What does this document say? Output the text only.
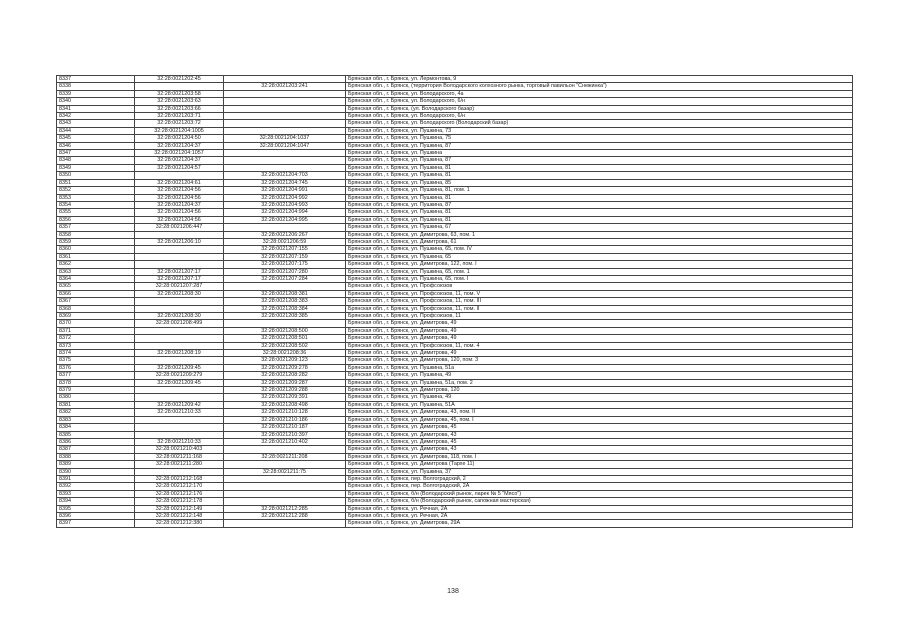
8337	32:28:0021202:45		Брянская обл., г. Брянск, ул. Лермонтова, 9
8338		32:28:0021203:241	Брянская обл., г. Брянск, (территория Володарского колхозного рынка, торговый павильон "Снежинка")
8339	32:28:0021203:58		Брянская обл., г. Брянск, ул. Володарского, 4а
8340	32:28:0021203:63		Брянская обл., г. Брянск, ул. Володарского, 6/н
8341	32:28:0021203:66		Брянская обл., г. Брянск, (ул. Володарского базар)
8342	32:28:0021203:71		Брянская обл., г. Брянск, ул. Володарского, 6/н
8343	32:28:0021203:72		Брянская обл., г. Брянск, ул. Володарского (Володарский базар)
8344	32:28:0021204:1005		Брянская обл., г. Брянск, ул. Пушкина, 73
8345	32:28:0021204:50	32:28:0021204:1037	Брянская обл., г. Брянск, ул. Пушкина, 75
8346	32:28:0021204:37	32:28:0021204:1047	Брянская обл., г. Брянск, ул. Пушкина, 87
8347	32:28:0021204:1057		Брянская обл., г. Брянск, ул. Пушкина
8348	32:28:0021204:37		Брянская обл., г. Брянск, ул. Пушкина, 87
8349	32:28:0021204:57		Брянская обл., г. Брянск, ул. Пушкина, 81
8350		32:28:0021204:703	Брянская обл., г. Брянск, ул. Пушкина, 81
8351	32:28:0021204:61	32:28:0021204:745	Брянская обл., г. Брянск, ул. Пушкина, 85
8352	32:28:0021204:56	32:28:0021204:991	Брянская обл., г. Брянск, ул. Пушкина, 81, пом. 1
8353	32:28:0021204:56	32:28:0021204:992	Брянская обл., г. Брянск, ул. Пушкина, 81
8354	32:28:0021204:37	32:28:0021204:993	Брянская обл., г. Брянск, ул. Пушкина, 87
8355	32:28:0021204:56	32:28:0021204:994	Брянская обл., г. Брянск, ул. Пушкина, 81
8356	32:28:0021204:56	32:28:0021204:995	Брянская обл., г. Брянск, ул. Пушкина, 81
8357	32:28:0021206:447		Брянская обл., г. Брянск, ул. Пушкина, 67
8358		32:28:0021206:267	Брянская обл., г. Брянск, ул. Димитрова, 63, пом. 1
8359	32:28:0021206:10	32:28:0021206:59	Брянская обл., г. Брянск, ул. Димитрова, 61
8360		32:28:0021207:155	Брянская обл., г. Брянск, ул. Пушкина, 65, пом. IV
8361		32:28:0021207:159	Брянская обл., г. Брянск, ул. Пушкина, 65
8362		32:28:0021207:175	Брянская обл., г. Брянск, ул. Димитрова, 122, пом. I
8363	32:28:0021207:17	32:28:0021207:280	Брянская обл., г. Брянск, ул. Пушкина, 65, пом. 1
8364	32:28:0021207:17	32:28:0021207:284	Брянская обл., г. Брянск, ул. Пушкина, 65, пом. I
8365	32:28:0021207:287		Брянская обл., г. Брянск, ул. Профсоюзов
8366	32:28:0021208:30	32:28:0021208:381	Брянская обл., г. Брянск, ул. Профсоюзов, 11, пом. V
8367		32:28:0021208:383	Брянская обл., г. Брянск, ул. Профсоюзов, 11, пом. III
8368		32:28:0021208:384	Брянская обл., г. Брянск, ул. Профсоюзов, 11, пом. II
8369	32:28:0021208:30	32:28:0021208:385	Брянская обл., г. Брянск, ул. Профсоюзов, 11
8370	32:28:0021208:499		Брянская обл., г. Брянск, ул. Димитрова, 49
8371		32:28:0021208:500	Брянская обл., г. Брянск, ул. Димитрова, 49
8372		32:28:0021208:501	Брянская обл., г. Брянск, ул. Димитрова, 49
8373		32:28:0021208:502	Брянская обл., г. Брянск, ул. Профсоюзов, 11, пом. 4
8374	32:28:0021208:19	32:28:0021208:36	Брянская обл., г. Брянск, ул. Димитрова, 49
8375		32:28:0021209:123	Брянская обл., г. Брянск, ул. Димитрова, 120, пом. 3
8376	32:28:0021209:45	32:28:0021209:278	Брянская обл., г. Брянск, ул. Пушкина, 51а
8377	32:28:0021209:279	32:28:0021208:282	Брянская обл., г. Брянск, ул. Пушкина, 49
8378	32:28:0021209:45	32:28:0021209:287	Брянская обл., г. Брянск, ул. Пушкина, 51а, пом. 2
8379		32:28:0021209:288	Брянская обл., г. Брянск, ул. Димитрова, 120
8380		32:28:0021209:391	Брянская обл., г. Брянск, ул. Пушкина, 49
8381	32:28:0021209:42	32:28:0021208:498	Брянская обл., г. Брянск, ул. Пушкина, 51А
8382	32:28:0021210:33	32:28:0021210:128	Брянская обл., г. Брянск, ул. Димитрова, 43, пом. II
8383		32:28:0021210:186	Брянская обл., г. Брянск, ул. Димитрова, 45, пом. I
8384		32:28:0021210:187	Брянская обл., г. Брянск, ул. Димитрова, 45
8385		32:28:0021210:397	Брянская обл., г. Брянск, ул. Димитрова, 43
8386	32:28:0021210:33	32:28:0021210:402	Брянская обл., г. Брянск, ул. Димитрова, 45
8387	32:28:0021210:403		Брянская обл., г. Брянск, ул. Димитрова, 43
8388	32:28:0021211:168	32:28:0021211:208	Брянская обл., г. Брянск, ул. Димитрова, 118, пом. I
8389	32:28:0021211:280		Брянская обл., г. Брянск, ул. Димитрова (Тархе 11)
8390		32:28:0021211:75	Брянская обл., г. Брянск, ул. Пушкина, 37
8391	32:28:0021212:168		Брянская обл., г. Брянск, пер. Волгоградский, 2
8392	32:28:0021212:170		Брянская обл., г. Брянск, пер. Волгоградский, 2А
8393	32:28:0021212:176		Брянская обл., г. Брянск, б/н (Володарский рынок, ларек № 5 "Мясо")
8394	32:28:0021212:178		Брянская обл., г. Брянск, б/н (Володарский рынок, сапожная мастерская)
8395	32:28:0021212:149	32:28:0021212:285	Брянская обл., г. Брянск, ул. Речная, 2А
8396	32:28:0021212:148	32:28:0021212:288	Брянская обл., г. Брянск, ул. Речная, 2А
8397	32:28:0021212:380		Брянская обл., г. Брянск, ул. Димитрова, 29А
138
